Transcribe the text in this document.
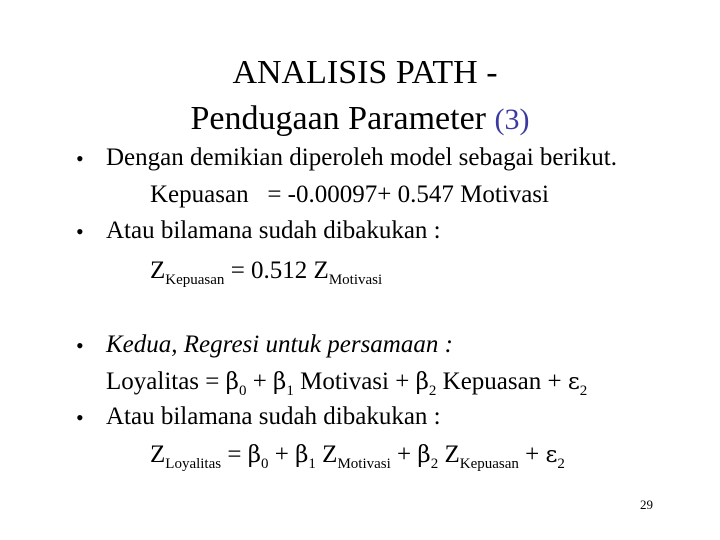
ANALISIS PATH -
Pendugaan Parameter (3)
• Dengan demikian diperoleh model sebagai berikut.
Kepuasan   = -0.00097+ 0.547 Motivasi
• Atau bilamana sudah dibakukan :
$Z_{Kepuasan} = 0.512$ $Z_{Motivasi}$
• Kedua, Regresi untuk persamaan :
Loyalitas = $\beta_0 + \beta_1$ Motivasi + $\beta_2$ Kepuasan + $\varepsilon_2$
• Atau bilamana sudah dibakukan :
$Z_{Loyalitas} = \beta_0 + \beta_1$ $Z_{Motivasi} + \beta_2$ $Z_{Kepuasan} + \varepsilon_2$
29
